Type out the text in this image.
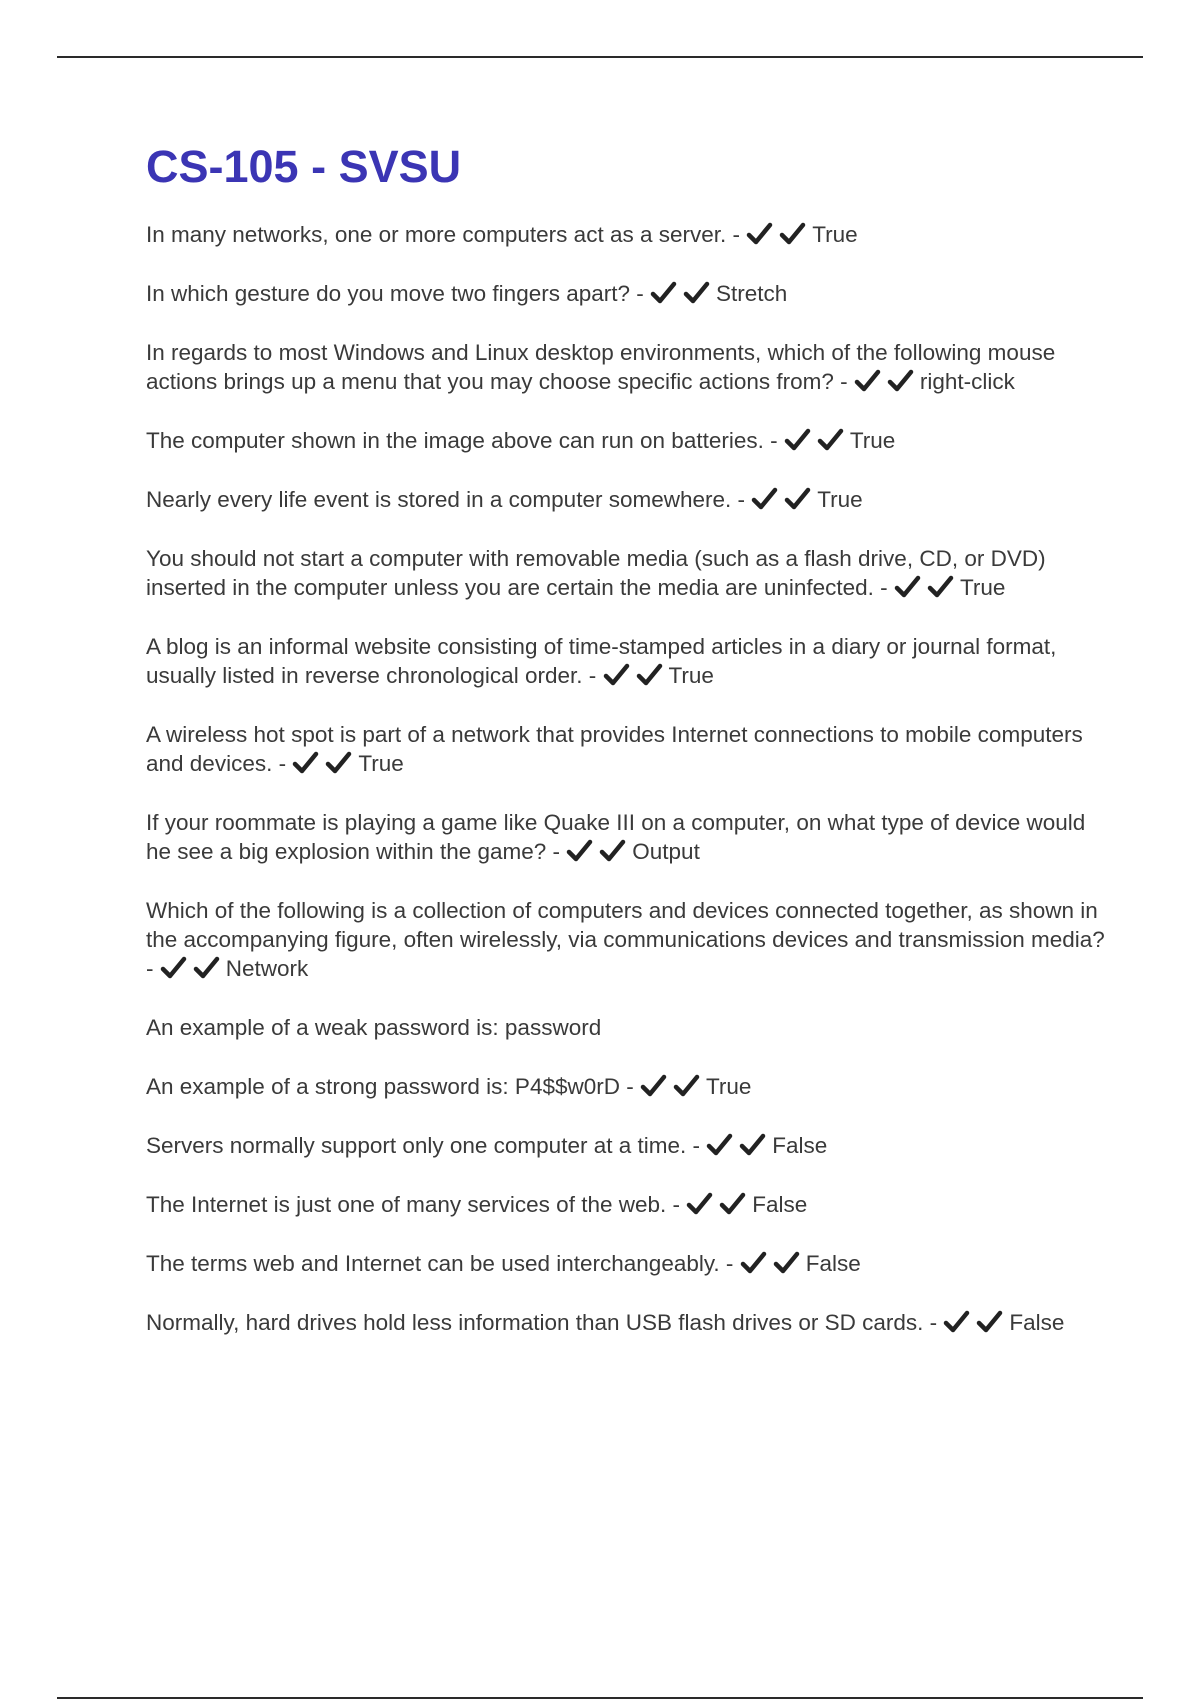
CS-105 - SVSU
In many networks, one or more computers act as a server. -	True
In which gesture do you move two fingers apart? -	Stretch
In regards to most Windows and Linux desktop environments, which of the following mouse actions brings up a menu that you may choose specific actions from? -	right-click
The computer shown in the image above can run on batteries. -	True
Nearly every life event is stored in a computer somewhere. -	True
You should not start a computer with removable media (such as a flash drive, CD, or DVD) inserted in the computer unless you are certain the media are uninfected. -	True
A blog is an informal website consisting of time-stamped articles in a diary or journal format, usually listed in reverse chronological order. -	True
A wireless hot spot is part of a network that provides Internet connections to mobile computers and devices. -	True
If your roommate is playing a game like Quake III on a computer, on what type of device would he see a big explosion within the game? -	Output
Which of the following is a collection of computers and devices connected together, as shown in the accompanying figure, often wirelessly, via communications devices and transmission media? -	Network
An example of a weak password is: password
An example of a strong password is: P4$$w0rD -	True
Servers normally support only one computer at a time. -	False
The Internet is just one of many services of the web. -	False
The terms web and Internet can be used interchangeably. -	False
Normally, hard drives hold less information than USB flash drives or SD cards. -	False
